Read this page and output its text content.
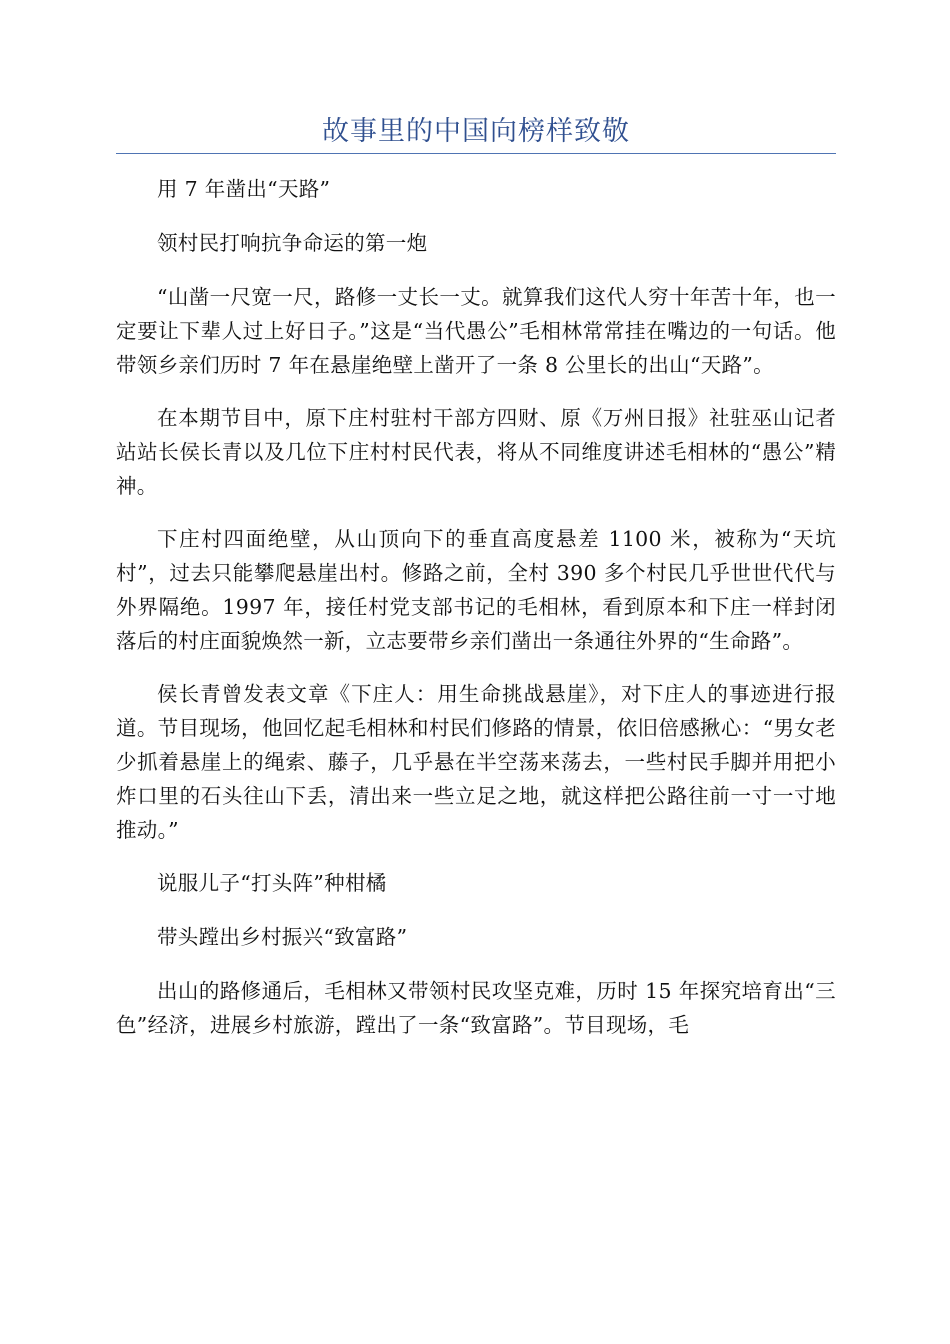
故事里的中国向榜样致敬

用 7 年凿出“天路”

领村民打响抗争命运的第一炮

“山凿一尺宽一尺，路修一丈长一丈。就算我们这代人穷十年苦十年，也一定要让下辈人过上好日子。”这是“当代愚公”毛相林常常挂在嘴边的一句话。他带领乡亲们历时 7 年在悬崖绝壁上凿开了一条 8 公里长的出山“天路”。

在本期节目中，原下庄村驻村干部方四财、原《万州日报》社驻巫山记者站站长侯长青以及几位下庄村村民代表，将从不同维度讲述毛相林的“愚公”精神。

下庄村四面绝壁，从山顶向下的垂直高度悬差 1100 米，被称为“天坑村”，过去只能攀爬悬崖出村。修路之前，全村 390 多个村民几乎世世代代与外界隔绝。1997 年，接任村党支部书记的毛相林，看到原本和下庄一样封闭落后的村庄面貌焕然一新，立志要带乡亲们凿出一条通往外界的“生命路”。

侯长青曾发表文章《下庄人：用生命挑战悬崖》，对下庄人的事迹进行报道。节目现场，他回忆起毛相林和村民们修路的情景，依旧倍感揪心：“男女老少抓着悬崖上的绳索、藤子，几乎悬在半空荡来荡去，一些村民手脚并用把小炸口里的石头往山下丢，清出来一些立足之地，就这样把公路往前一寸一寸地推动。”

说服儿子“打头阵”种柑橘

带头蹚出乡村振兴“致富路”

出山的路修通后，毛相林又带领村民攻坚克难，历时 15 年探究培育出“三色”经济，进展乡村旅游，蹚出了一条“致富路”。节目现场，毛
